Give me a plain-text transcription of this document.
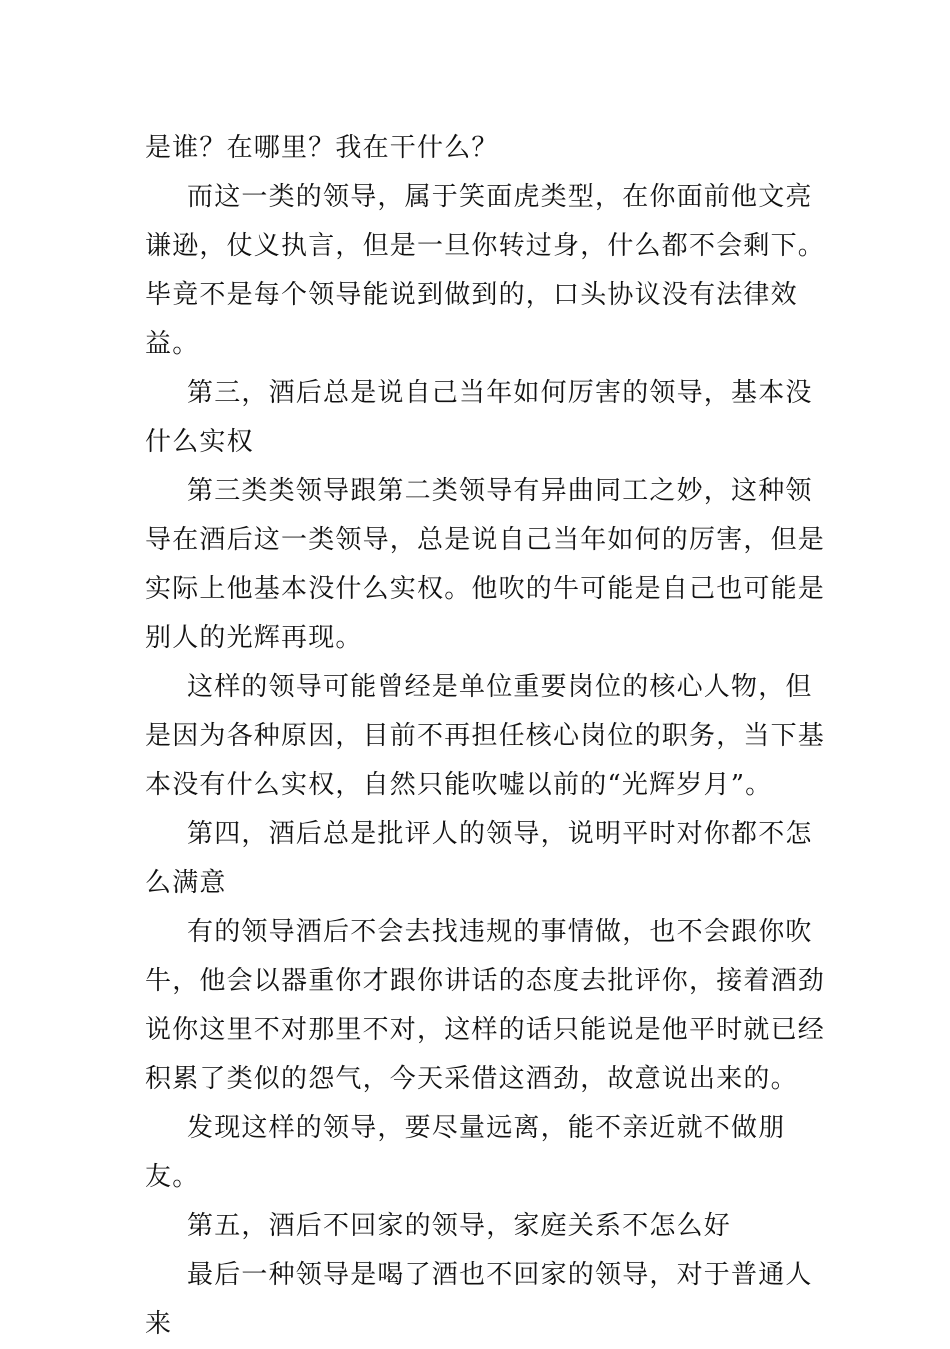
是谁？在哪里？我在干什么？

而这一类的领导，属于笑面虎类型，在你面前他文亮谦逊，仗义执言，但是一旦你转过身，什么都不会剩下。毕竟不是每个领导能说到做到的，口头协议没有法律效益。

第三，酒后总是说自己当年如何厉害的领导，基本没什么实权

第三类类领导跟第二类领导有异曲同工之妙，这种领导在酒后这一类领导，总是说自己当年如何的厉害，但是实际上他基本没什么实权。他吹的牛可能是自己也可能是别人的光辉再现。

这样的领导可能曾经是单位重要岗位的核心人物，但是因为各种原因，目前不再担任核心岗位的职务，当下基本没有什么实权，自然只能吹嘘以前的“光辉岁月”。

第四，酒后总是批评人的领导，说明平时对你都不怎么满意

有的领导酒后不会去找违规的事情做，也不会跟你吹牛，他会以器重你才跟你讲话的态度去批评你，接着酒劲说你这里不对那里不对，这样的话只能说是他平时就已经积累了类似的怨气，今天采借这酒劲，故意说出来的。

发现这样的领导，要尽量远离，能不亲近就不做朋友。

第五，酒后不回家的领导，家庭关系不怎么好

最后一种领导是喝了酒也不回家的领导，对于普通人来
